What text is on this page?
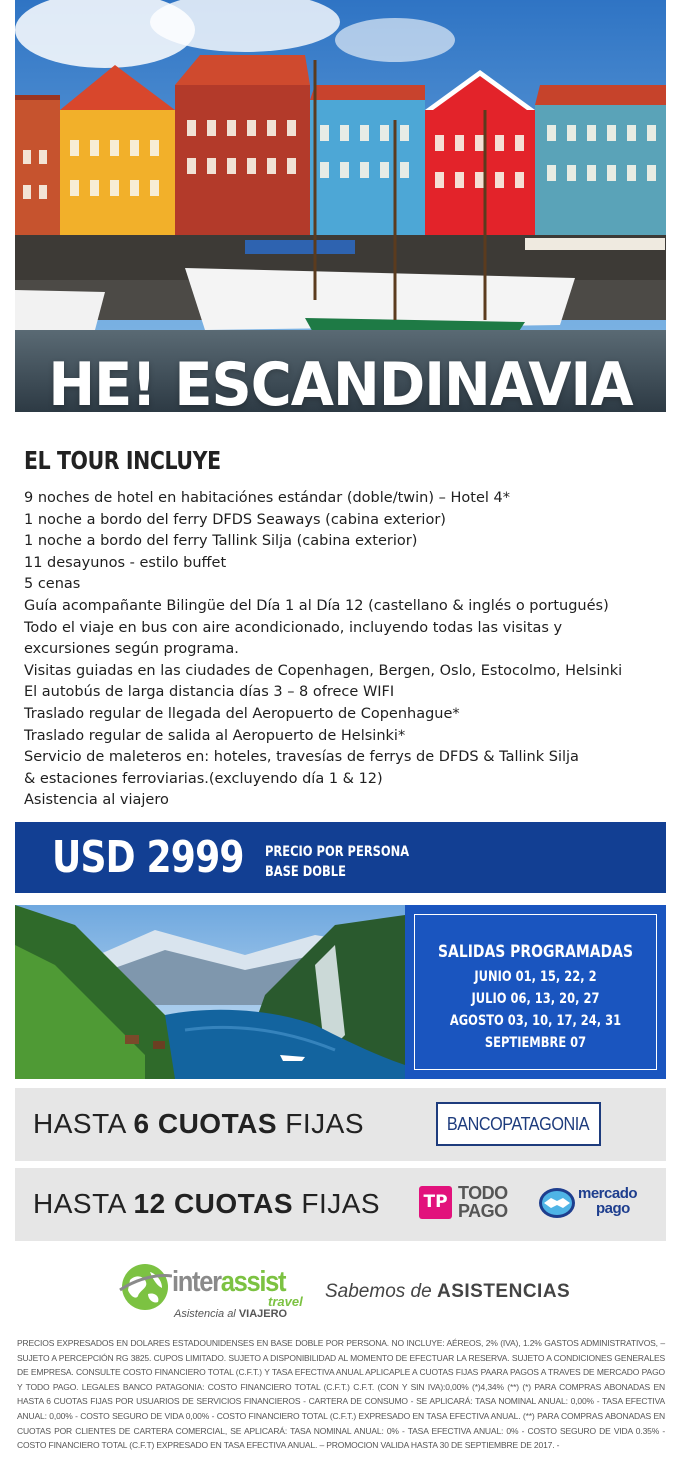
HE! ESCANDINAVIA
EL TOUR INCLUYE
9 noches de hotel en habitaciónes estándar (doble/twin) – Hotel 4*
1 noche a bordo del ferry DFDS Seaways (cabina exterior)
1 noche a bordo del ferry Tallink Silja (cabina exterior)
11 desayunos - estilo buffet
5 cenas
Guía acompañante Bilingüe del Día 1 al Día 12 (castellano & inglés o portugués)
Todo el viaje en bus con aire acondicionado, incluyendo todas las visitas y
excursiones según programa.
Visitas guiadas en las ciudades de Copenhagen, Bergen, Oslo, Estocolmo, Helsinki
El autobús de larga distancia días 3 – 8 ofrece WIFI
Traslado regular de llegada del Aeropuerto de Copenhague*
Traslado regular de salida al Aeropuerto de Helsinki*
Servicio de maleteros en: hoteles, travesías de ferrys de DFDS & Tallink Silja
& estaciones ferroviarias.(excluyendo día 1 & 12)
Asistencia al viajero
USD 2999 PRECIO POR PERSONA
BASE DOBLE
SALIDAS PROGRAMADAS
JUNIO 01, 15, 22, 2
JULIO 06, 13, 20, 27
AGOSTO 03, 10, 17, 24, 31
SEPTIEMBRE 07
HASTA 6 CUOTAS FIJAS	BANCOPATAGONIA
HASTA 12 CUOTAS FIJAS	TP TODO
PAGO
mercado
pago
interassist
travel
Asistencia al VIAJERO
Sabemos de ASISTENCIAS
PRECIOS EXPRESADOS EN DOLARES ESTADOUNIDENSES EN BASE DOBLE POR PERSONA. NO INCLUYE: AÉREOS, 2% (IVA), 1.2% GASTOS ADMINISTRATIVOS, – SUJETO A PERCEPCIÓN RG 3825. CUPOS LIMITADO. SUJETO A DISPONIBILIDAD AL MOMENTO DE EFECTUAR LA RESERVA. SUJETO A CONDICIONES GENERALES DE EMPRESA. CONSULTE COSTO FINANCIERO TOTAL (C.F.T.) Y TASA EFECTIVA ANUAL APLICAPLE A CUOTAS FIJAS PAARA PAGOS A TRAVES DE MERCADO PAGO Y TODO PAGO. LEGALES BANCO PATAGONIA: COSTO FINANCIERO TOTAL (C.F.T.) C.F.T. (CON Y SIN IVA):0,00% (*)4,34% (**) (*) PARA COMPRAS ABONADAS EN HASTA 6 CUOTAS FIJAS POR USUARIOS DE SERVICIOS FINANCIEROS - CARTERA DE CONSUMO - SE APLICARÁ: TASA NOMINAL ANUAL: 0,00% - TASA EFECTIVA ANUAL: 0,00% - COSTO SEGURO DE VIDA 0,00% - COSTO FINANCIERO TOTAL (C.F.T.) EXPRESADO EN TASA EFECTIVA ANUAL. (**) PARA COMPRAS ABONADAS EN CUOTAS POR CLIENTES DE CARTERA COMERCIAL, SE APLICARÁ: TASA NOMINAL ANUAL: 0% - TASA EFECTIVA ANUAL: 0% - COSTO SEGURO DE VIDA 0.35% - COSTO FINANCIERO TOTAL (C.F.T) EXPRESADO EN TASA EFECTIVA ANUAL. – PROMOCION VALIDA HASTA 30 DE SEPTIEMBRE DE 2017. -
